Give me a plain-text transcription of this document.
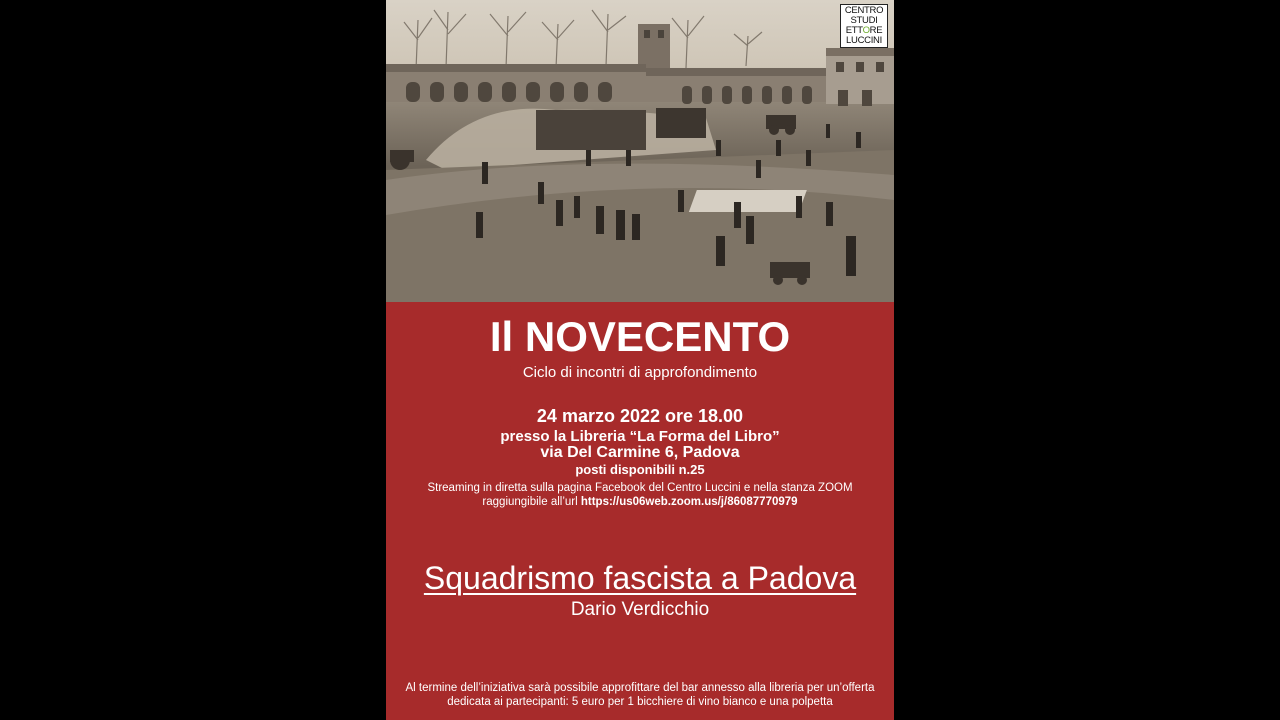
CENTRO
STUDI
ETTORE
LUCCINI
Il NOVECENTO
Ciclo di incontri di approfondimento
24 marzo 2022 ore 18.00
presso la Libreria “La Forma del Libro”
via Del Carmine 6, Padova
posti disponibili n.25
Streaming in diretta sulla pagina Facebook del Centro Luccini e nella stanza ZOOM
raggiungibile all’url https://us06web.zoom.us/j/86087770979
Squadrismo fascista a Padova
Dario Verdicchio
Al termine dell’iniziativa sarà possibile approfittare del bar annesso alla libreria per un’offerta
dedicata ai partecipanti: 5 euro per 1 bicchiere di vino bianco e una polpetta
